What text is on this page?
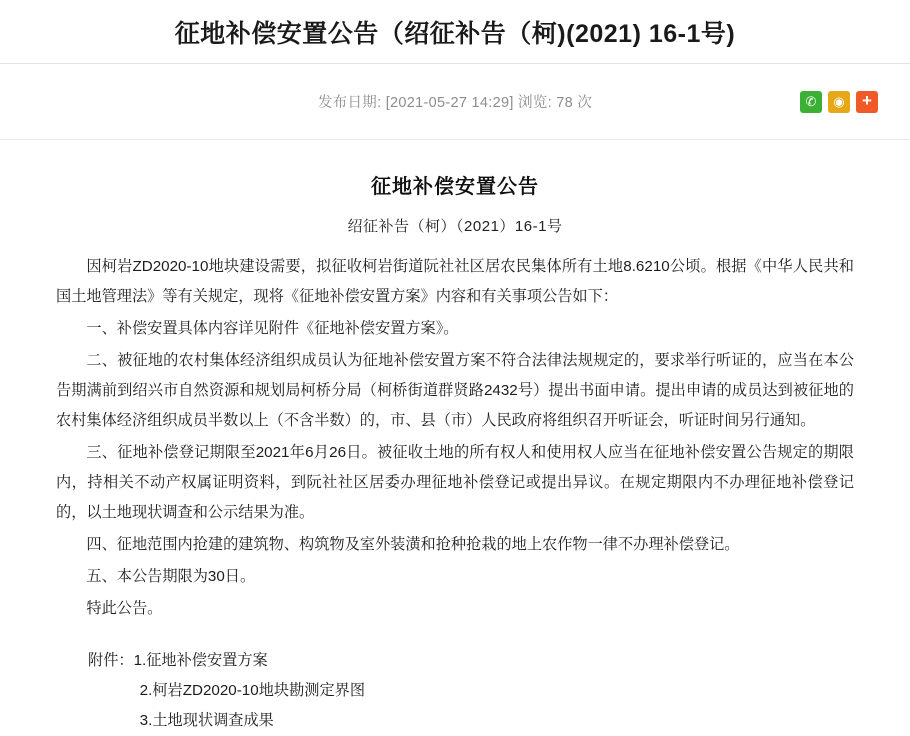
征地补偿安置公告（绍征补告（柯)(2021) 16-1号)
发布日期: [2021-05-27 14:29] 浏览: 78 次	✆ ◉ +
征地补偿安置公告
绍征补告（柯）（2021）16-1号

因柯岩ZD2020-10地块建设需要，拟征收柯岩街道阮社社区居农民集体所有土地8.6210公顷。根据《中华人民共和国土地管理法》等有关规定，现将《征地补偿安置方案》内容和有关事项公告如下：

一、补偿安置具体内容详见附件《征地补偿安置方案》。

二、被征地的农村集体经济组织成员认为征地补偿安置方案不符合法律法规规定的，要求举行听证的，应当在本公告期满前到绍兴市自然资源和规划局柯桥分局（柯桥街道群贤路2432号）提出书面申请。提出申请的成员达到被征地的农村集体经济组织成员半数以上（不含半数）的，市、县（市）人民政府将组织召开听证会，听证时间另行通知。

三、征地补偿登记期限至2021年6月26日。被征收土地的所有权人和使用权人应当在征地补偿安置公告规定的期限内，持相关不动产权属证明资料，到阮社社区居委办理征地补偿登记或提出异议。在规定期限内不办理征地补偿登记的，以土地现状调查和公示结果为准。

四、征地范围内抢建的建筑物、构筑物及室外装潢和抢种抢栽的地上农作物一律不办理补偿登记。

五、本公告期限为30日。

特此公告。

附件：1.征地补偿安置方案
2.柯岩ZD2020-10地块勘测定界图
3.土地现状调查成果
